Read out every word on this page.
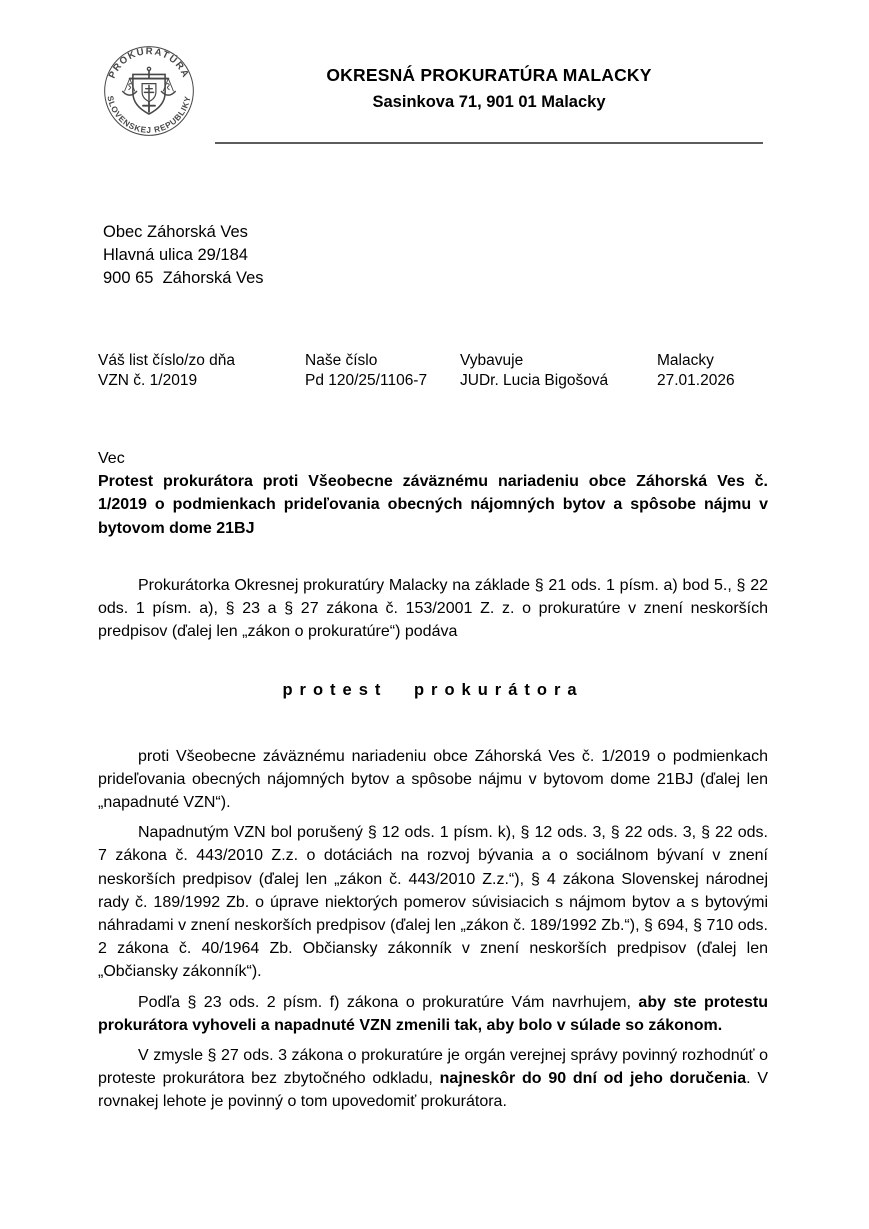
PROKURATÚRA
SLOVENSKEJ REPUBLIKY
OKRESNÁ PROKURATÚRA MALACKY
Sasinkova 71, 901 01 Malacky
Obec Záhorská Ves
Hlavná ulica 29/184
900 65  Záhorská Ves
Váš list číslo/zo dňa
VZN č. 1/2019
Naše číslo
Pd 120/25/1106-7
Vybavuje
JUDr. Lucia Bigošová
Malacky
27.01.2026

Vec

Protest prokurátora proti Všeobecne záväznému nariadeniu obce Záhorská Ves č. 1/2019 o podmienkach prideľovania obecných nájomných bytov a spôsobe nájmu v bytovom dome 21BJ

Prokurátorka Okresnej prokuratúry Malacky na základe § 21 ods. 1 písm. a) bod 5., § 22 ods. 1 písm. a), § 23 a § 27 zákona č. 153/2001 Z. z. o prokuratúre v znení neskorších predpisov (ďalej len „zákon o prokuratúre“) podáva

protest prokurátora

proti Všeobecne záväznému nariadeniu obce Záhorská Ves č. 1/2019 o podmienkach prideľovania obecných nájomných bytov a spôsobe nájmu v bytovom dome 21BJ (ďalej len „napadnuté VZN“).

Napadnutým VZN bol porušený § 12 ods. 1 písm. k), § 12 ods. 3, § 22 ods. 3, § 22 ods. 7 zákona č. 443/2010 Z.z. o dotáciách na rozvoj bývania a o sociálnom bývaní v znení neskorších predpisov (ďalej len „zákon č. 443/2010 Z.z.“), § 4 zákona Slovenskej národnej rady č. 189/1992 Zb. o úprave niektorých pomerov súvisiacich s nájmom bytov a s bytovými náhradami v znení neskorších predpisov (ďalej len „zákon č. 189/1992 Zb.“), § 694, § 710 ods. 2 zákona č. 40/1964 Zb. Občiansky zákonník v znení neskorších predpisov (ďalej len „Občiansky zákonník“).

Podľa § 23 ods. 2 písm. f) zákona o prokuratúre Vám navrhujem, aby ste protestu prokurátora vyhoveli a napadnuté VZN zmenili tak, aby bolo v súlade so zákonom.

V zmysle § 27 ods. 3 zákona o prokuratúre je orgán verejnej správy povinný rozhodnúť o proteste prokurátora bez zbytočného odkladu, najneskôr do 90 dní od jeho doručenia. V rovnakej lehote je povinný o tom upovedomiť prokurátora.
